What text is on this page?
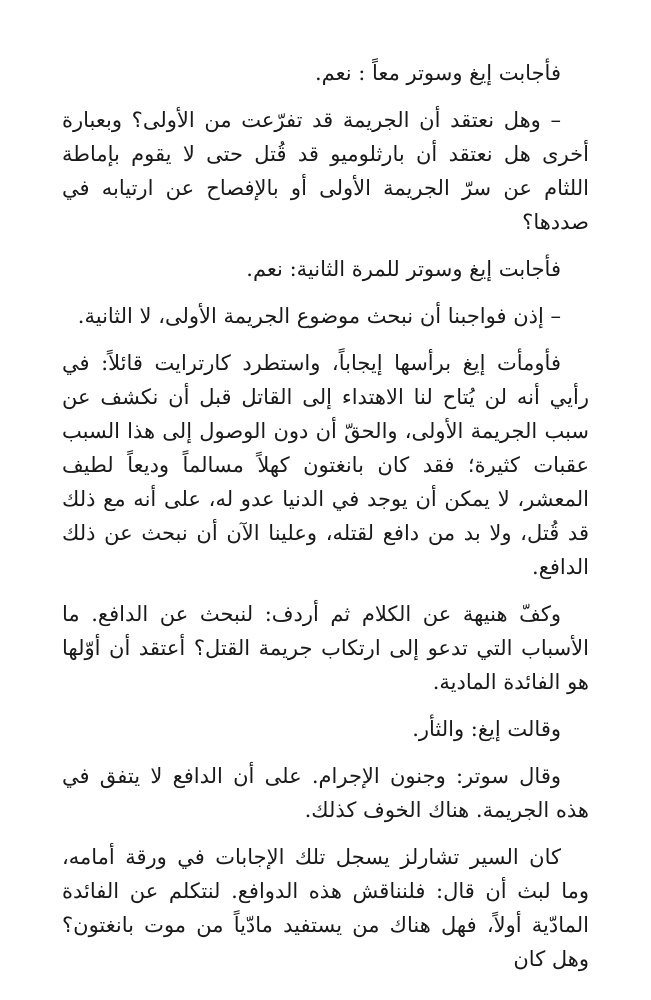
فأجابت إيغ وسوتر معاً : نعم.

– وهل نعتقد أن الجريمة قد تفرّعت من الأولى؟ وبعبارة أخرى هل نعتقد أن بارثلوميو قد قُتل حتى لا يقوم بإماطة اللثام عن سرّ الجريمة الأولى أو بالإفصاح عن ارتيابه في صددها؟

فأجابت إيغ وسوتر للمرة الثانية: نعم.

– إذن فواجبنا أن نبحث موضوع الجريمة الأولى، لا الثانية.

فأومأت إيغ برأسها إيجاباً، واستطرد كارترايت قائلاً: في رأيي أنه لن يُتاح لنا الاهتداء إلى القاتل قبل أن نكشف عن سبب الجريمة الأولى، والحقّ أن دون الوصول إلى هذا السبب عقبات كثيرة؛ فقد كان بانغتون كهلاً مسالماً وديعاً لطيف المعشر، لا يمكن أن يوجد في الدنيا عدو له، على أنه مع ذلك قد قُتل، ولا بد من دافع لقتله، وعلينا الآن أن نبحث عن ذلك الدافع.

وكفّ هنيهة عن الكلام ثم أردف: لنبحث عن الدافع. ما الأسباب التي تدعو إلى ارتكاب جريمة القتل؟ أعتقد أن أوّلها هو الفائدة المادية.

وقالت إيغ: والثأر.

وقال سوتر: وجنون الإجرام. على أن الدافع لا يتفق في هذه الجريمة. هناك الخوف كذلك.

كان السير تشارلز يسجل تلك الإجابات في ورقة أمامه، وما لبث أن قال: فلنناقش هذه الدوافع. لنتكلم عن الفائدة المادّية أولاً، فهل هناك من يستفيد مادّياً من موت بانغتون؟ وهل كان
